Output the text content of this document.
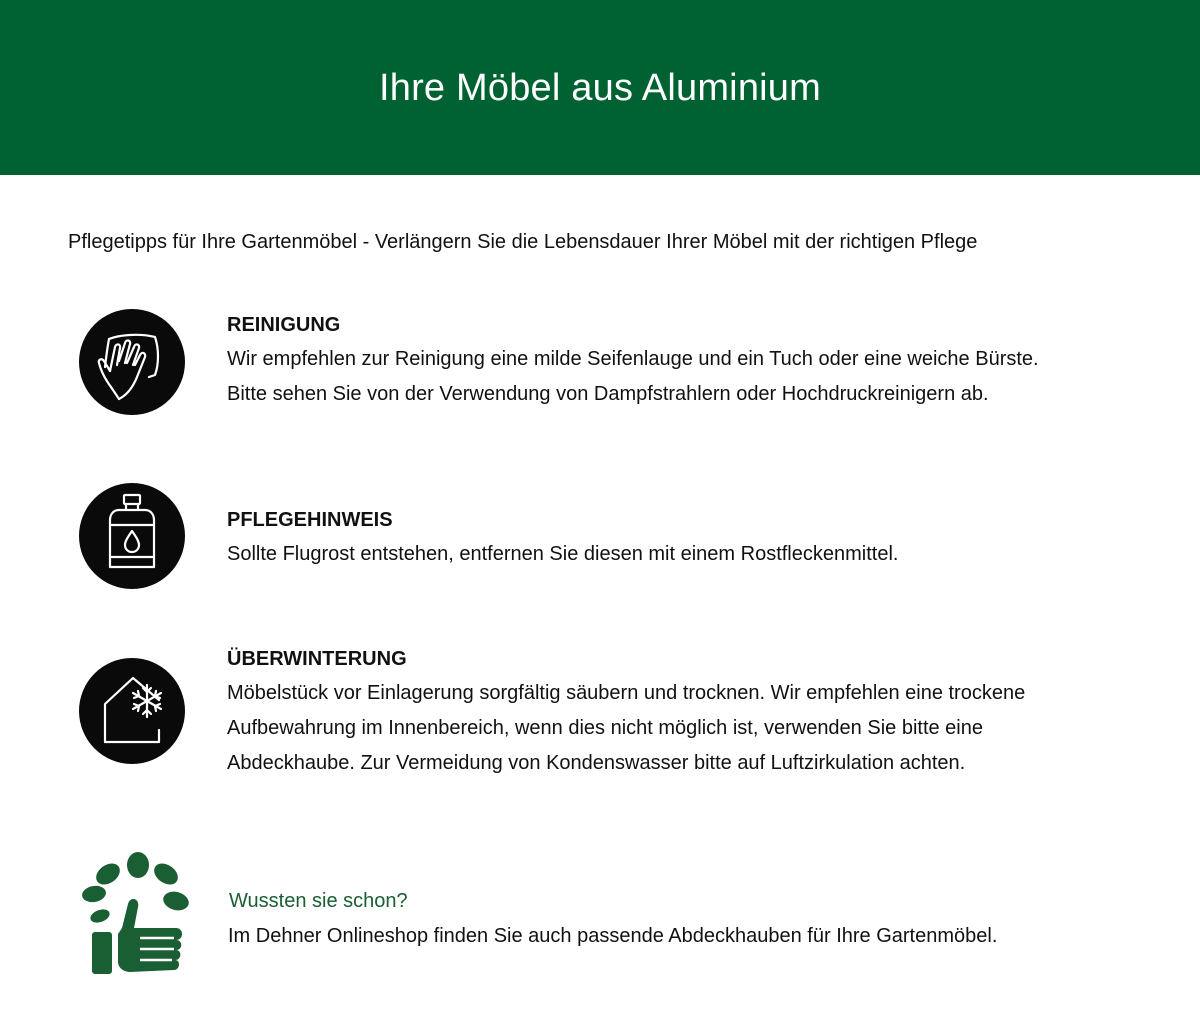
Ihre Möbel aus Aluminium
Pflegetipps für Ihre Gartenmöbel - Verlängern Sie die Lebensdauer Ihrer Möbel mit der richtigen Pflege
REINIGUNG
Wir empfehlen zur Reinigung eine milde Seifenlauge und ein Tuch oder eine weiche Bürste.
Bitte sehen Sie von der Verwendung von Dampfstrahlern oder Hochdruckreinigern ab.
PFLEGEHINWEIS
Sollte Flugrost entstehen, entfernen Sie diesen mit einem Rostfleckenmittel.
ÜBERWINTERUNG
Möbelstück vor Einlagerung sorgfältig säubern und trocknen. Wir empfehlen eine trockene
Aufbewahrung im Innenbereich, wenn dies nicht möglich ist, verwenden Sie bitte eine
Abdeckhaube. Zur Vermeidung von Kondenswasser bitte auf Luftzirkulation achten.
Wussten sie schon?
Im Dehner Onlineshop finden Sie auch passende Abdeckhauben für Ihre Gartenmöbel.
